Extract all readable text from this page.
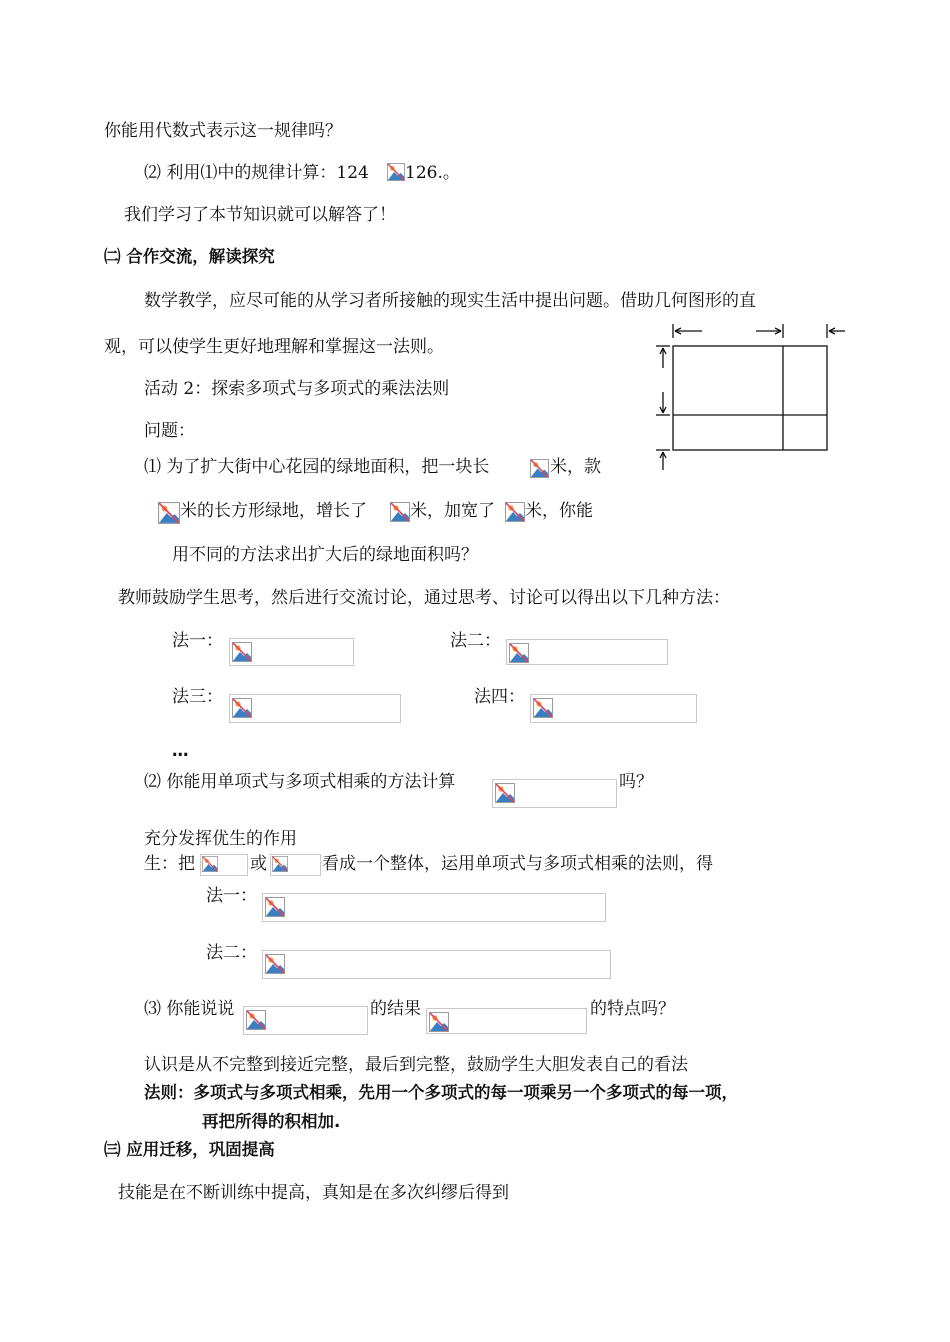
你能用代数式表示这一规律吗？
⑵ 利用⑴中的规律计算：124 126.。
我们学习了本节知识就可以解答了！
㈡ 合作交流，解读探究
数学教学，应尽可能的从学习者所接触的现实生活中提出问题。借助几何图形的直
观，可以使学生更好地理解和掌握这一法则。
活动 2：探索多项式与多项式的乘法法则
问题：
⑴ 为了扩大街中心花园的绿地面积，把一块长	米，款
米的长方形绿地，增长了	米，加宽了 米，你能
用不同的方法求出扩大后的绿地面积吗？
教师鼓励学生思考，然后进行交流讨论，通过思考、讨论可以得出以下几种方法：
法一：	法二：
法三：	法四：
…
⑵ 你能用单项式与多项式相乘的方法计算	吗？
充分发挥优生的作用
生：把	或	看成一个整体，运用单项式与多项式相乘的法则，得
法一：
法二：
⑶ 你能说说	的结果	的特点吗？
认识是从不完整到接近完整，最后到完整，鼓励学生大胆发表自己的看法
法则：多项式与多项式相乘，先用一个多项式的每一项乘另一个多项式的每一项，
再把所得的积相加.
㈢ 应用迁移，巩固提高
技能是在不断训练中提高，真知是在多次纠缪后得到
